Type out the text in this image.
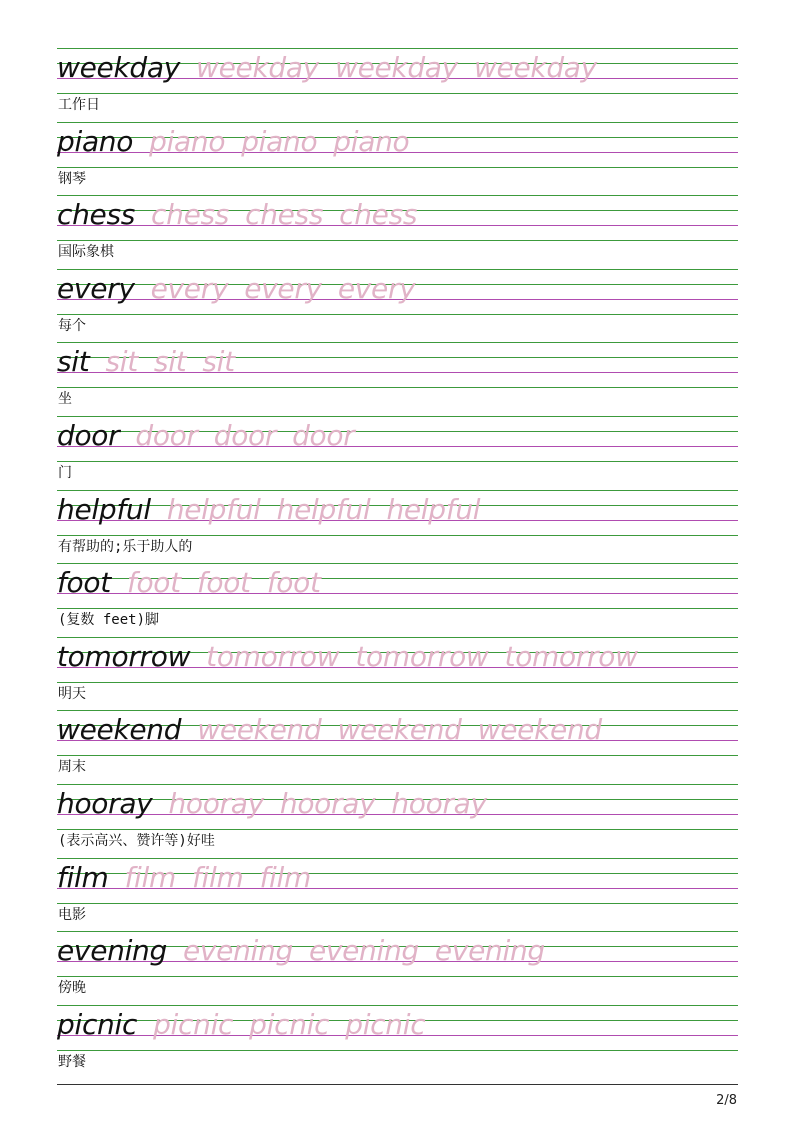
weekday weekday weekday weekday
工作日
piano piano piano piano
钢琴
chess chess chess chess
国际象棋
every every every every
每个
sit sit sit sit
坐
door door door door
门
helpful helpful helpful helpful
有帮助的;乐于助人的
foot foot foot foot
(复数 feet)脚
tomorrow tomorrow tomorrow tomorrow
明天
weekend weekend weekend weekend
周末
hooray hooray hooray hooray
(表示高兴、赞许等)好哇
film film film film
电影
evening evening evening evening
傍晚
picnic picnic picnic picnic
野餐
2/8
